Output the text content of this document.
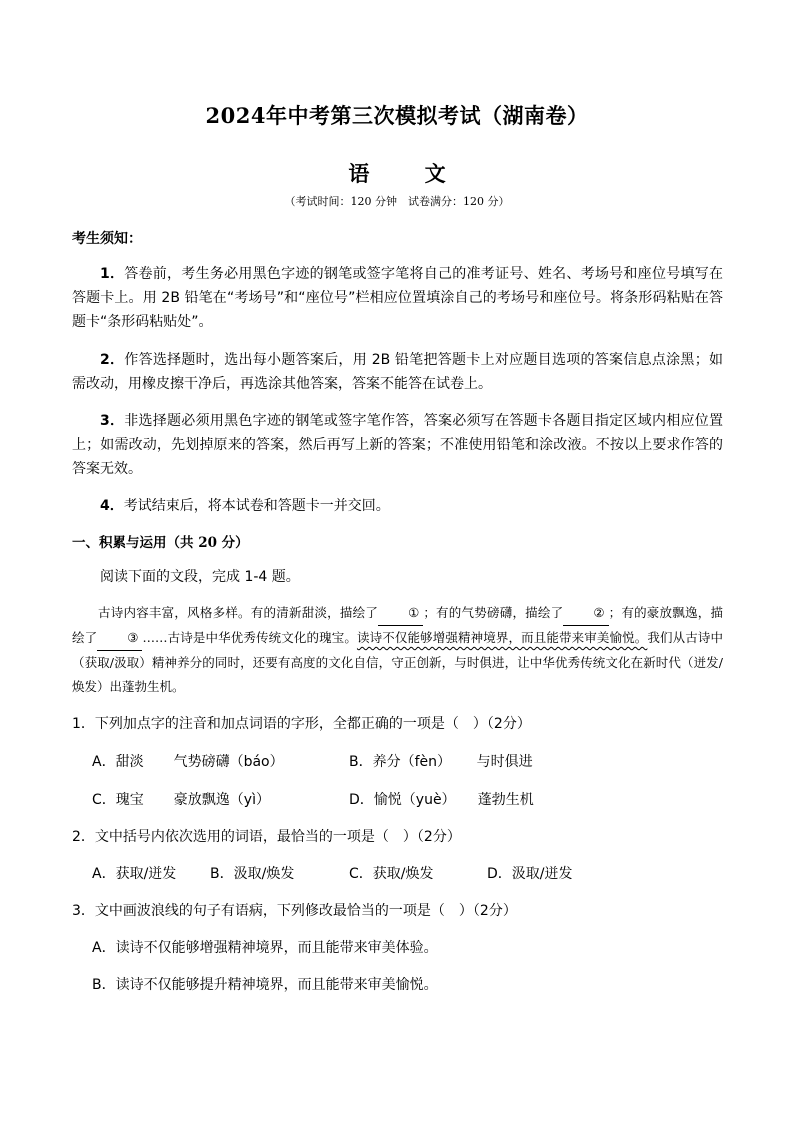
2024年中考第三次模拟考试（湖南卷）
语 文
（考试时间：120 分钟　试卷满分：120 分）
考生须知：
1．答卷前，考生务必用黑色字迹的钢笔或签字笔将自己的准考证号、姓名、考场号和座位号填写在答题卡上。用 2B 铅笔在“考场号”和“座位号”栏相应位置填涂自己的考场号和座位号。将条形码粘贴在答题卡“条形码粘贴处”。
2．作答选择题时，选出每小题答案后，用 2B 铅笔把答题卡上对应题目选项的答案信息点涂黑；如需改动，用橡皮擦干净后，再选涂其他答案，答案不能答在试卷上。
3．非选择题必须用黑色字迹的钢笔或签字笔作答，答案必须写在答题卡各题目指定区域内相应位置上；如需改动，先划掉原来的答案，然后再写上新的答案；不准使用铅笔和涂改液。不按以上要求作答的答案无效。
4．考试结束后，将本试卷和答题卡一并交回。
一、积累与运用（共 20 分）
阅读下面的文段，完成 1-4 题。
古诗内容丰富，风格多样。有的清新甜淡，描绘了 ① ；有的气势磅礴，描绘了 ② ；有的豪放飘逸，描绘了 ③ ……古诗是中华优秀传统文化的瑰宝。读诗不仅能够增强精神境界，而且能带来审美愉悦。我们从古诗中（获取/汲取）精神养分的同时，还要有高度的文化自信，守正创新，与时俱进，让中华优秀传统文化在新时代（迸发/焕发）出蓬勃生机。
1．下列加点字的注音和加点词语的字形，全都正确的一项是（　）（2分）
A．甜淡 气势磅礴（báo）	B．养分（fèn） 与时俱进
C．瑰宝 豪放飘逸（yì）	D．愉悦（yuè） 蓬勃生机
2．文中括号内依次选用的词语，最恰当的一项是（　）（2分）
A．获取/迸发 B．汲取/焕发	C．获取/焕发	D．汲取/迸发
3．文中画波浪线的句子有语病，下列修改最恰当的一项是（　）（2分）
A．读诗不仅能够增强精神境界，而且能带来审美体验。
B．读诗不仅能够提升精神境界，而且能带来审美愉悦。
